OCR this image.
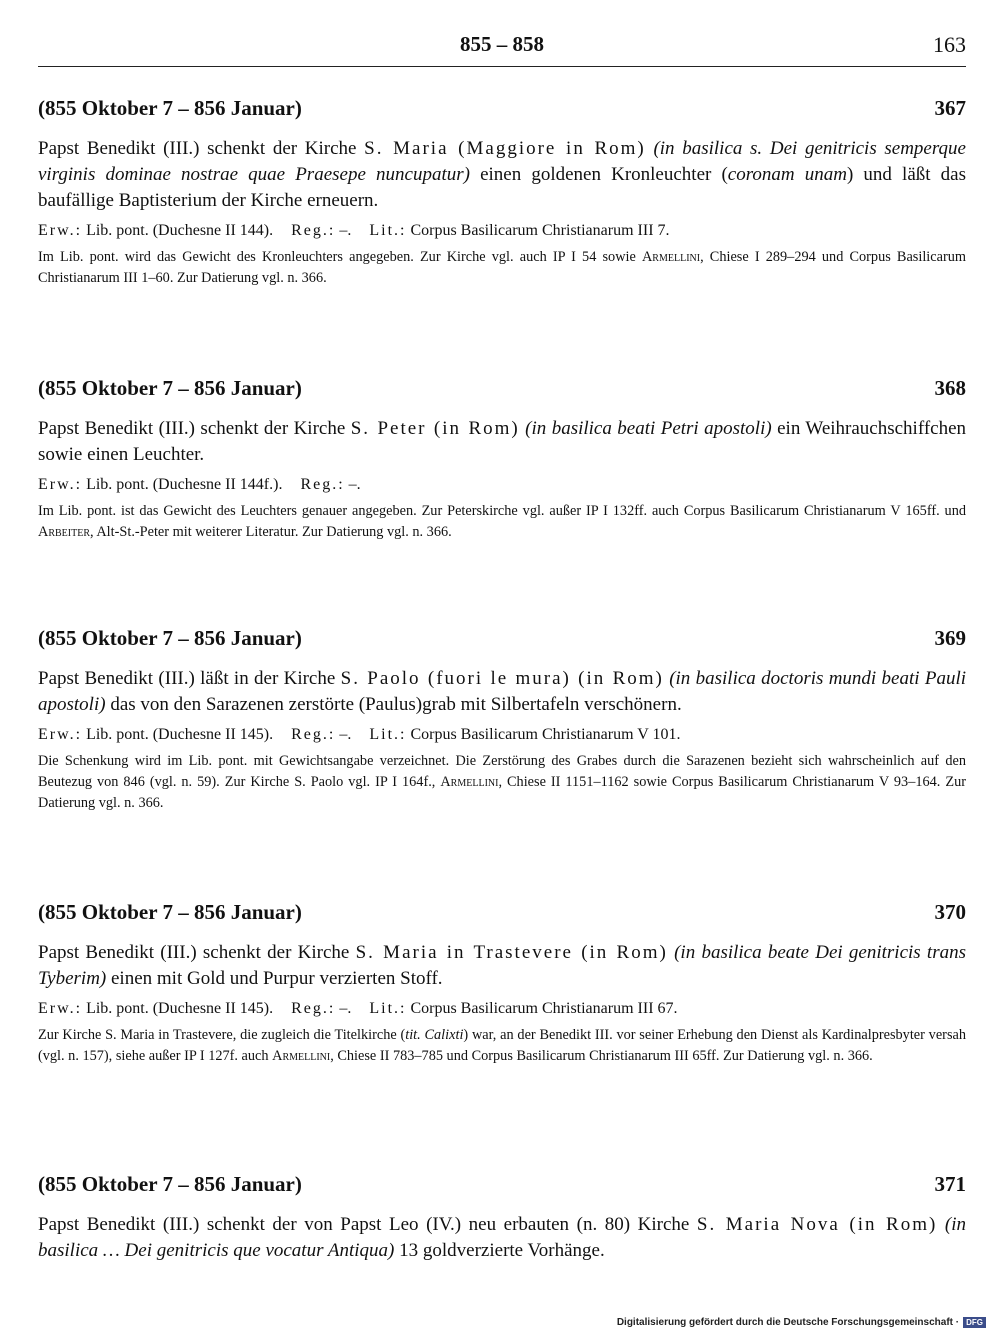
855 – 858	163
(855 Oktober 7 – 856 Januar)	367
Papst Benedikt (III.) schenkt der Kirche S. Maria (Maggiore in Rom) (in basilica s. Dei genitricis semperque virginis dominae nostrae quae Praesepe nuncupatur) einen goldenen Kronleuchter (coronam unam) und läßt das baufällige Baptisterium der Kirche erneuern.
Erw.: Lib. pont. (Duchesne II 144). Reg.: –. Lit.: Corpus Basilicarum Christianarum III 7.
Im Lib. pont. wird das Gewicht des Kronleuchters angegeben. Zur Kirche vgl. auch IP I 54 sowie Armellini, Chiese I 289–294 und Corpus Basilicarum Christianarum III 1–60. Zur Datierung vgl. n. 366.
(855 Oktober 7 – 856 Januar)	368
Papst Benedikt (III.) schenkt der Kirche S. Peter (in Rom) (in basilica beati Petri apostoli) ein Weihrauchschiffchen sowie einen Leuchter.
Erw.: Lib. pont. (Duchesne II 144f.). Reg.: –.
Im Lib. pont. ist das Gewicht des Leuchters genauer angegeben. Zur Peterskirche vgl. außer IP I 132ff. auch Corpus Basilicarum Christianarum V 165ff. und Arbeiter, Alt-St.-Peter mit weiterer Literatur. Zur Datierung vgl. n. 366.
(855 Oktober 7 – 856 Januar)	369
Papst Benedikt (III.) läßt in der Kirche S. Paolo (fuori le mura) (in Rom) (in basilica doctoris mundi beati Pauli apostoli) das von den Sarazenen zerstörte (Paulus)grab mit Silbertafeln verschönern.
Erw.: Lib. pont. (Duchesne II 145). Reg.: –. Lit.: Corpus Basilicarum Christianarum V 101.
Die Schenkung wird im Lib. pont. mit Gewichtsangabe verzeichnet. Die Zerstörung des Grabes durch die Sarazenen bezieht sich wahrscheinlich auf den Beutezug von 846 (vgl. n. 59). Zur Kirche S. Paolo vgl. IP I 164f., Armellini, Chiese II 1151–1162 sowie Corpus Basilicarum Christianarum V 93–164. Zur Datierung vgl. n. 366.
(855 Oktober 7 – 856 Januar)	370
Papst Benedikt (III.) schenkt der Kirche S. Maria in Trastevere (in Rom) (in basilica beate Dei genitricis trans Tyberim) einen mit Gold und Purpur verzierten Stoff.
Erw.: Lib. pont. (Duchesne II 145). Reg.: –. Lit.: Corpus Basilicarum Christianarum III 67.
Zur Kirche S. Maria in Trastevere, die zugleich die Titelkirche (tit. Calixti) war, an der Benedikt III. vor seiner Erhebung den Dienst als Kardinalpresbyter versah (vgl. n. 157), siehe außer IP I 127f. auch Armellini, Chiese II 783–785 und Corpus Basilicarum Christianarum III 65ff. Zur Datierung vgl. n. 366.
(855 Oktober 7 – 856 Januar)	371
Papst Benedikt (III.) schenkt der von Papst Leo (IV.) neu erbauten (n. 80) Kirche S. Maria Nova (in Rom) (in basilica … Dei genitricis que vocatur Antiqua) 13 goldverzierte Vorhänge.
Digitalisierung gefördert durch die Deutsche Forschungsgemeinschaft · DFG
